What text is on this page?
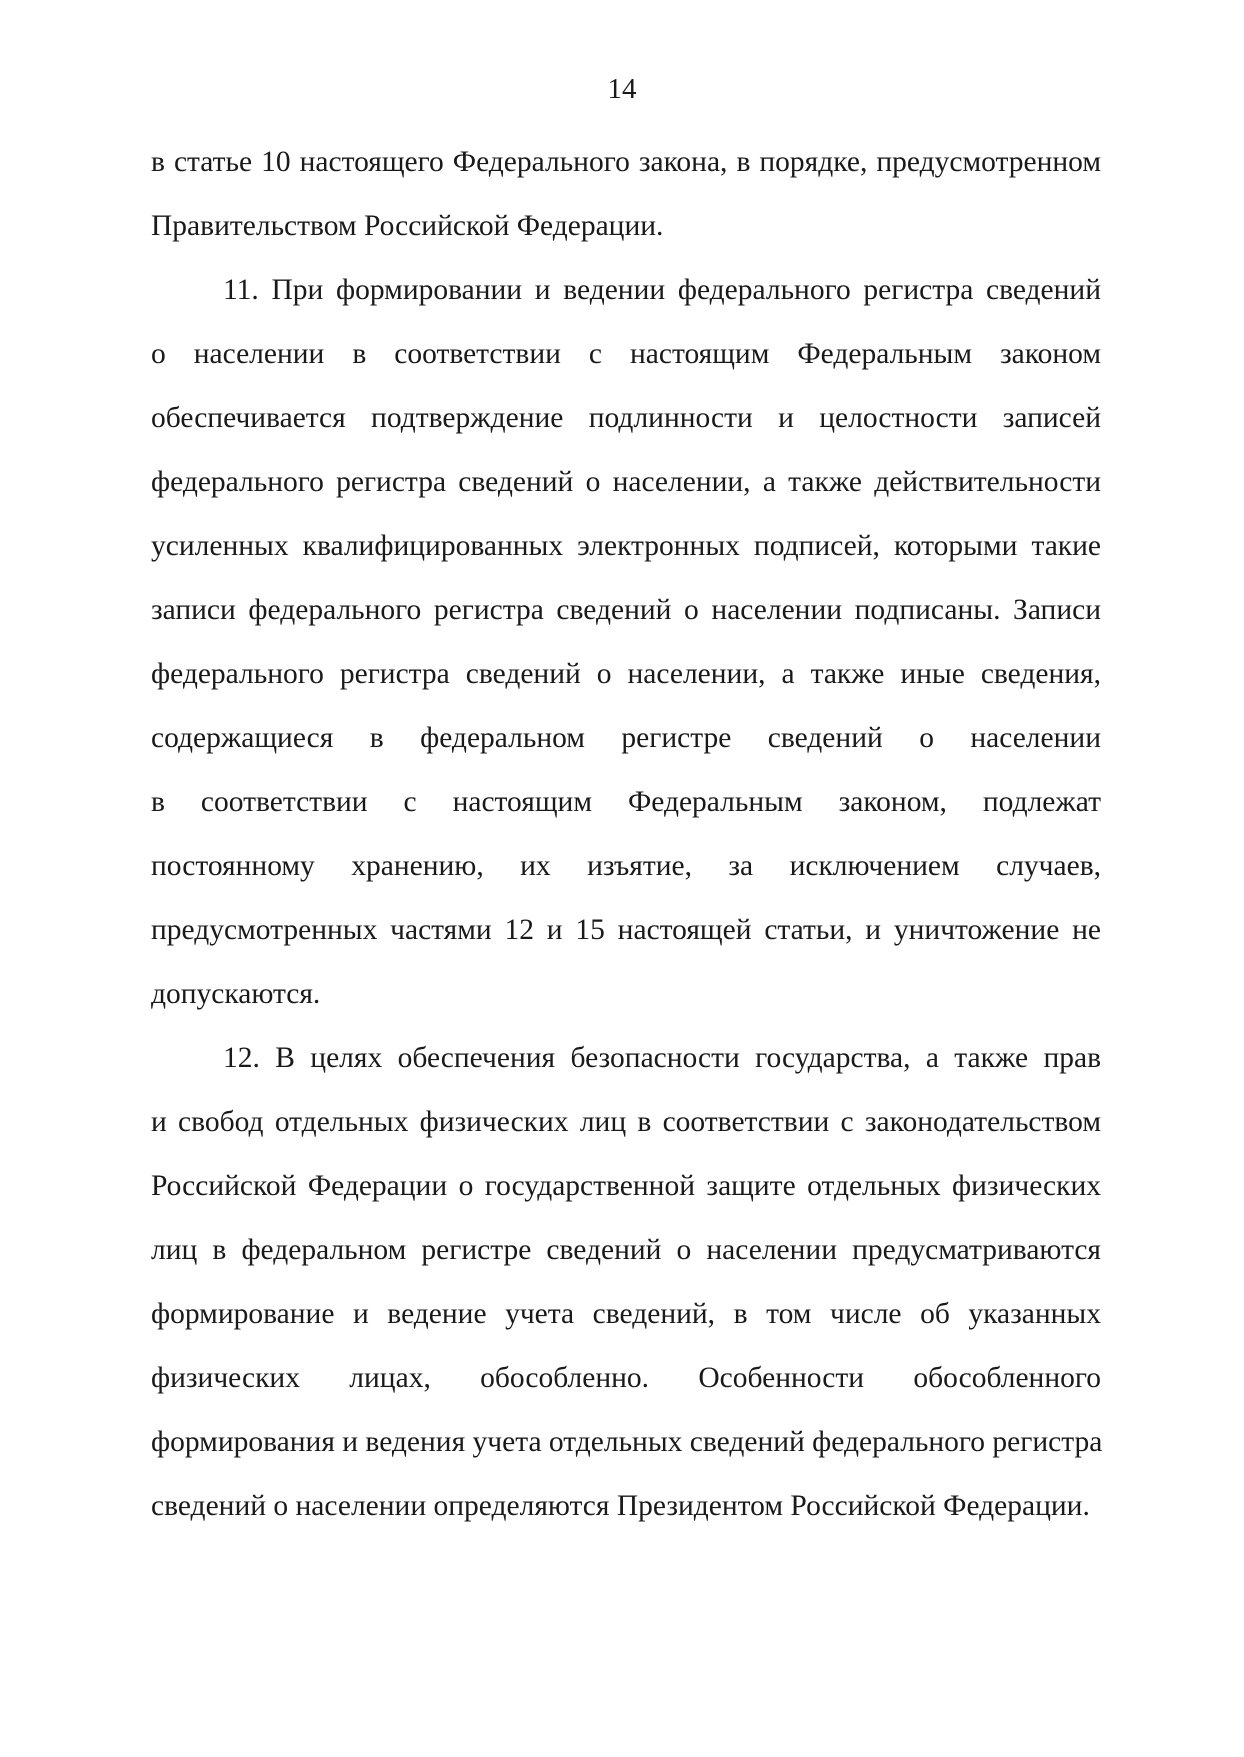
14
в статье 10 настоящего Федерального закона, в порядке, предусмотренном
Правительством Российской Федерации.
11. При формировании и ведении федерального регистра сведений
о населении в соответствии с настоящим Федеральным законом
обеспечивается подтверждение подлинности и целостности записей
федерального регистра сведений о населении, а также действительности
усиленных квалифицированных электронных подписей, которыми такие
записи федерального регистра сведений о населении подписаны. Записи
федерального регистра сведений о населении, а также иные сведения,
содержащиеся в федеральном регистре сведений о населении
в соответствии с настоящим Федеральным законом, подлежат
постоянному хранению, их изъятие, за исключением случаев,
предусмотренных частями 12 и 15 настоящей статьи, и уничтожение не
допускаются.
12. В целях обеспечения безопасности государства, а также прав
и свобод отдельных физических лиц в соответствии с законодательством
Российской Федерации о государственной защите отдельных физических
лиц в федеральном регистре сведений о населении предусматриваются
формирование и ведение учета сведений, в том числе об указанных
физических лицах, обособленно. Особенности обособленного
формирования и ведения учета отдельных сведений федерального регистра
сведений о населении определяются Президентом Российской Федерации.
